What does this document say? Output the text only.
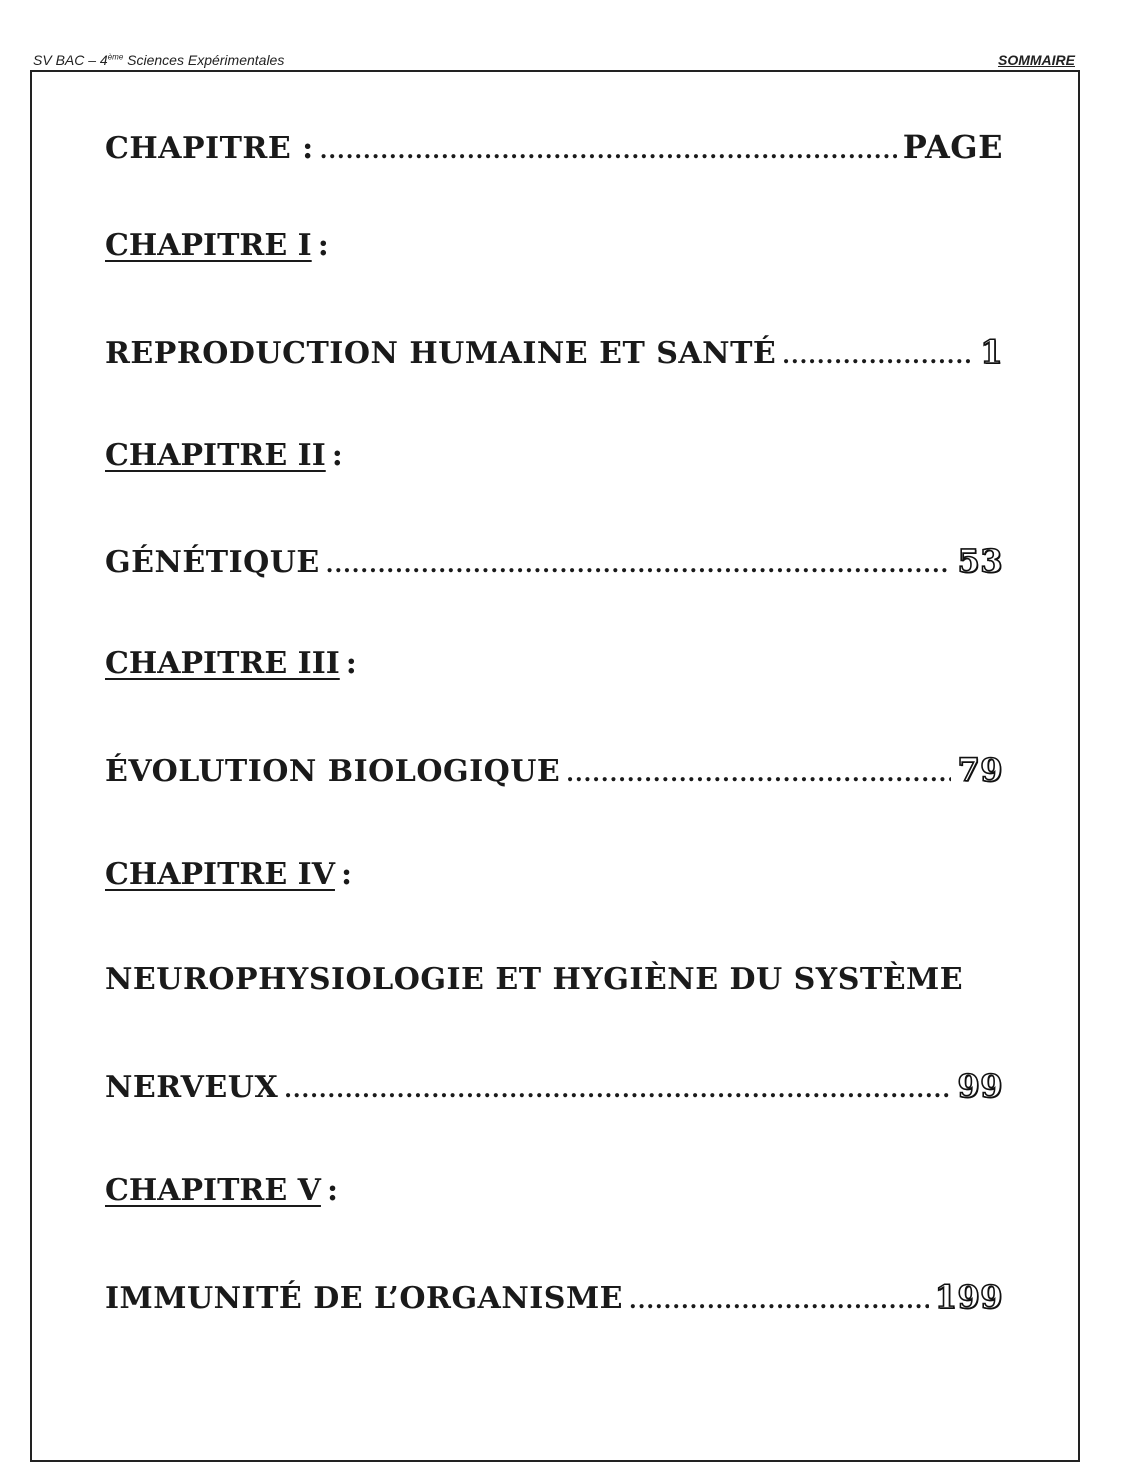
SV BAC – 4ème Sciences Expérimentales	SOMMAIRE
CHAPITRE : .....	PAGE
CHAPITRE I :
REPRODUCTION HUMAINE ET SANTÉ .....	1
CHAPITRE II :
GÉNÉTIQUE .....	53
CHAPITRE III :
ÉVOLUTION BIOLOGIQUE .....	79
CHAPITRE IV :
NEUROPHYSIOLOGIE ET HYGIÈNE DU SYSTÈME
NERVEUX .....	99
CHAPITRE V :
IMMUNITÉ DE L’ORGANISME .....	199
